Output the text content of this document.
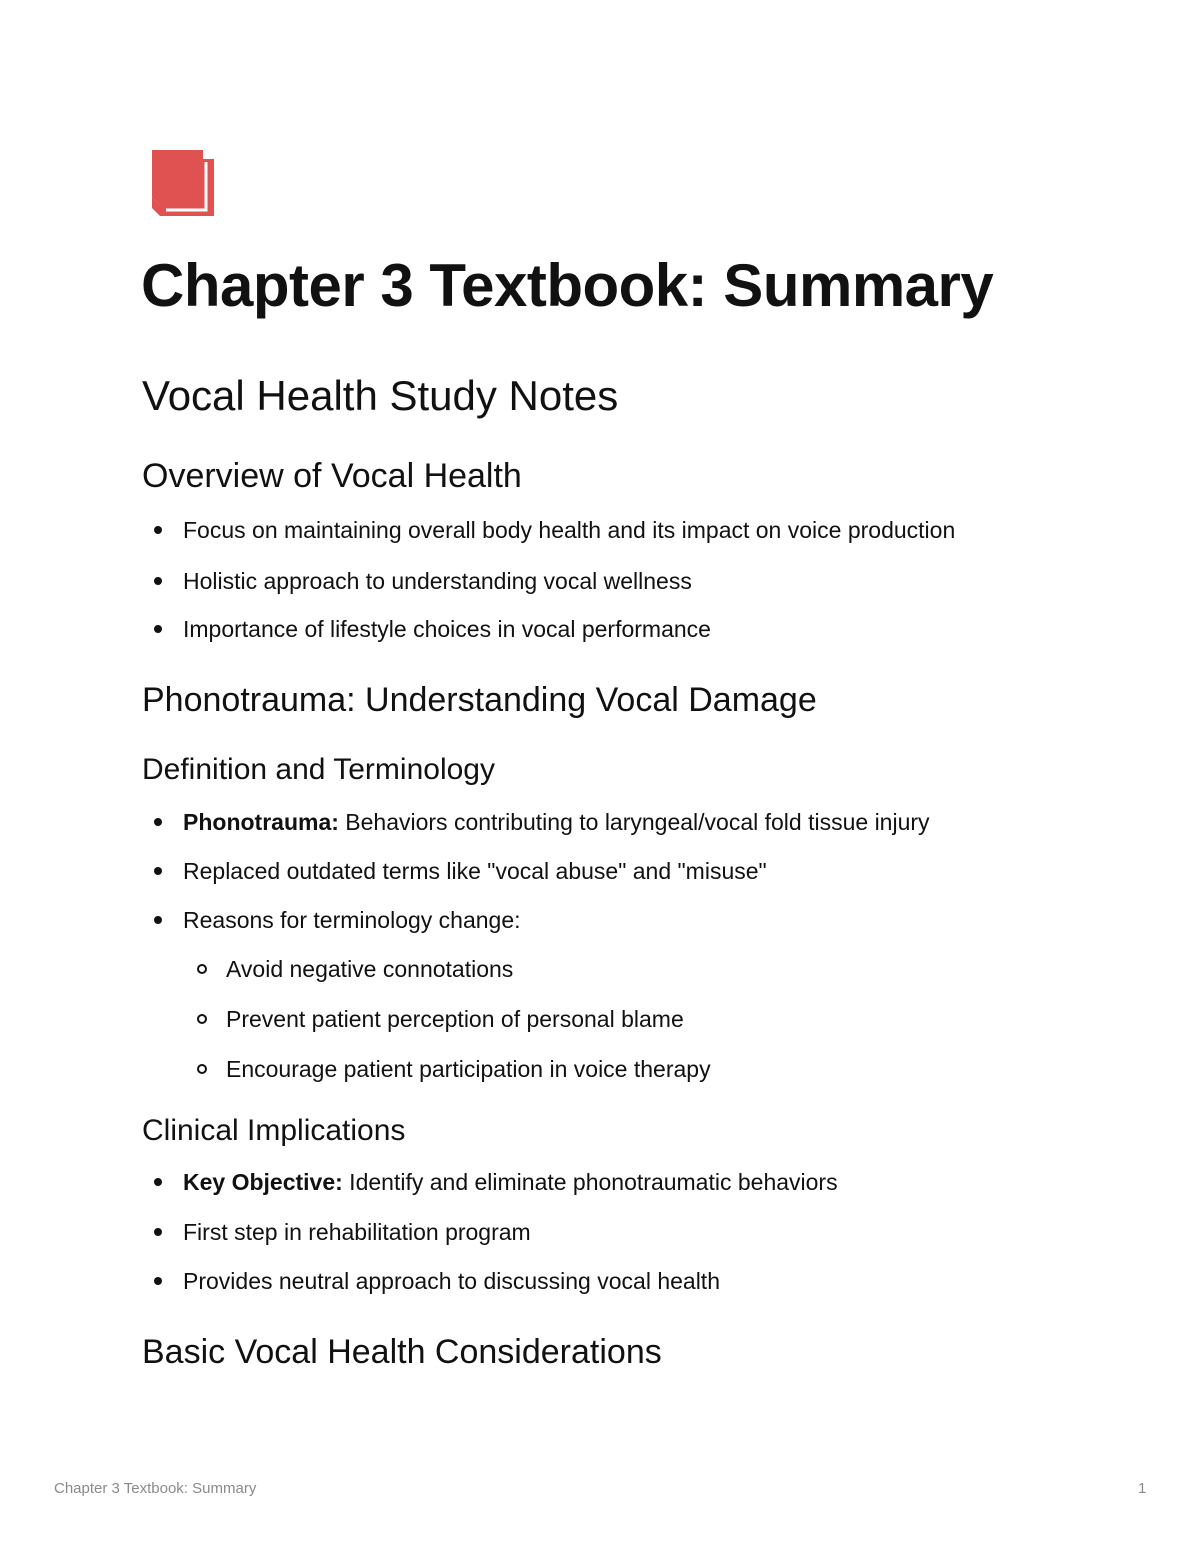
Chapter 3 Textbook: Summary
Vocal Health Study Notes
Overview of Vocal Health
Focus on maintaining overall body health and its impact on voice production
Holistic approach to understanding vocal wellness
Importance of lifestyle choices in vocal performance
Phonotrauma: Understanding Vocal Damage
Definition and Terminology
Phonotrauma: Behaviors contributing to laryngeal/vocal fold tissue injury
Replaced outdated terms like "vocal abuse" and "misuse"
Reasons for terminology change:
Avoid negative connotations
Prevent patient perception of personal blame
Encourage patient participation in voice therapy
Clinical Implications
Key Objective: Identify and eliminate phonotraumatic behaviors
First step in rehabilitation program
Provides neutral approach to discussing vocal health
Basic Vocal Health Considerations
Chapter 3 Textbook: Summary	1
